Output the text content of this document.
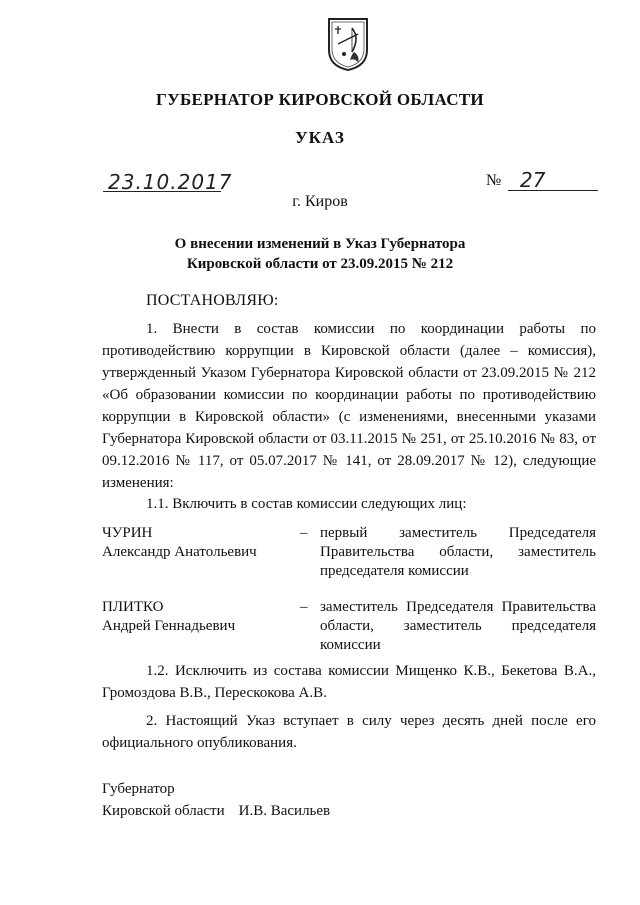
ГУБЕРНАТОР КИРОВСКОЙ ОБЛАСТИ
УКАЗ
23.10.2017	№ 27
г. Киров
О внесении изменений в Указ Губернатора
Кировской области от 23.09.2015 № 212
ПОСТАНОВЛЯЮ:
1. Внести в состав комиссии по координации работы по противодействию коррупции в Кировской области (далее – комиссия), утвержденный Указом Губернатора Кировской области от 23.09.2015 № 212 «Об образовании комиссии по координации работы по противодействию коррупции в Кировской области» (с изменениями, внесенными указами Губернатора Кировской области от 03.11.2015 № 251, от 25.10.2016 № 83, от 09.12.2016 № 117, от 05.07.2017 № 141, от 28.09.2017 № 12), следующие изменения:
1.1. Включить в состав комиссии следующих лиц:
ЧУРИН
Александр Анатольевич
– первый заместитель Председателя Правительства области, заместитель председателя комиссии
ПЛИТКО
Андрей Геннадьевич
– заместитель Председателя Правительства области, заместитель председателя комиссии
1.2. Исключить из состава комиссии Мищенко К.В., Бекетова В.А., Громоздова В.В., Перескокова А.В.
2. Настоящий Указ вступает в силу через десять дней после его официального опубликования.
Губернатор
Кировской области И.В. Васильев
